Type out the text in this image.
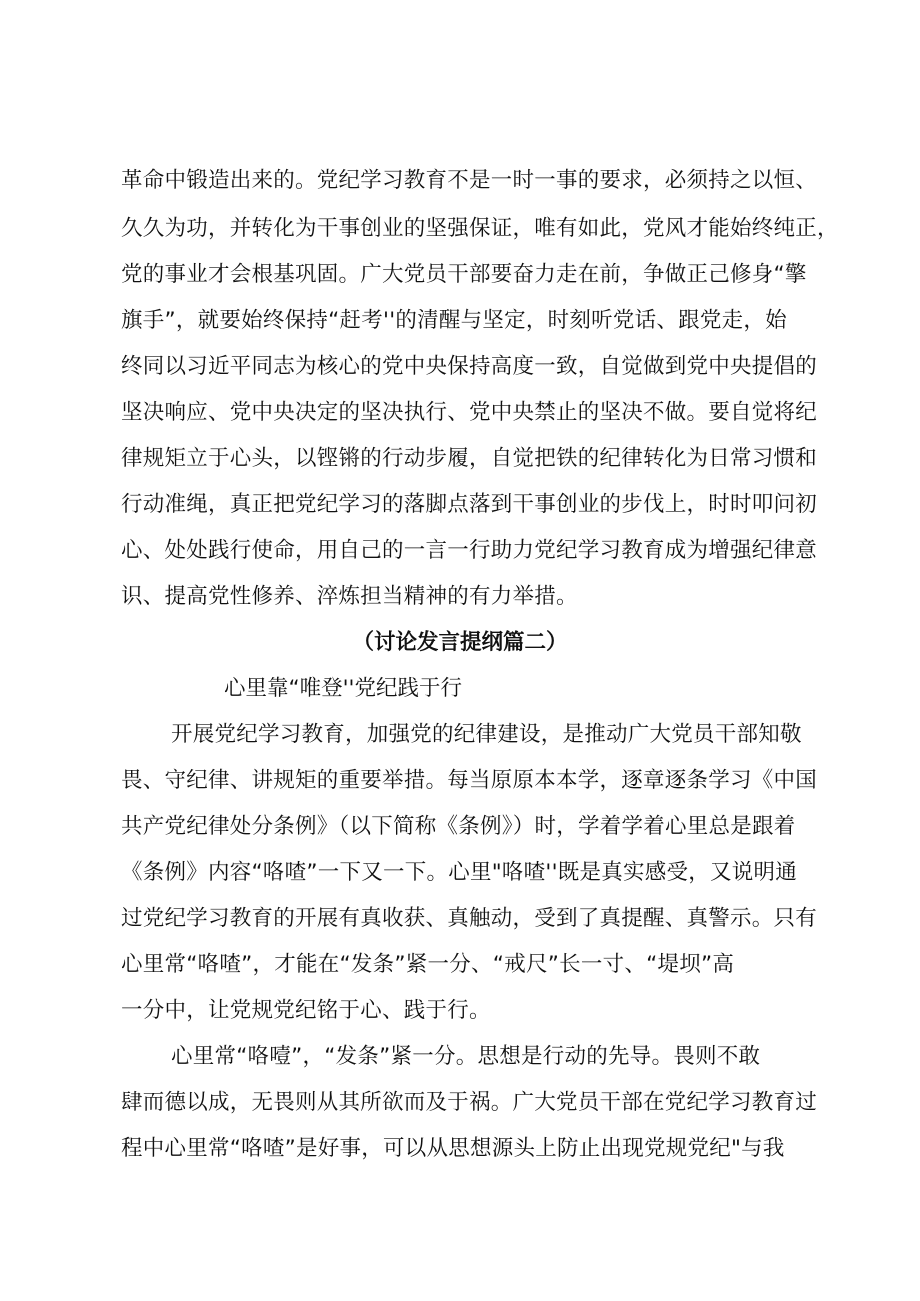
革命中锻造出来的。党纪学习教育不是一时一事的要求，必须持之以恒、
久久为功，并转化为干事创业的坚强保证，唯有如此，党风才能始终纯正，
党的事业才会根基巩固。广大党员干部要奋力走在前，争做正己修身“擎
旗手”，就要始终保持“赶考''的清醒与坚定，时刻听党话、跟党走，始
终同以习近平同志为核心的党中央保持高度一致，自觉做到党中央提倡的
坚决响应、党中央决定的坚决执行、党中央禁止的坚决不做。要自觉将纪
律规矩立于心头，以铿锵的行动步履，自觉把铁的纪律转化为日常习惯和
行动准绳，真正把党纪学习的落脚点落到干事创业的步伐上，时时叩问初
心、处处践行使命，用自己的一言一行助力党纪学习教育成为增强纪律意
识、提高党性修养、淬炼担当精神的有力举措。
（讨论发言提纲篇二）
心里靠“唯登''党纪践于行
开展党纪学习教育，加强党的纪律建设，是推动广大党员干部知敬
畏、守纪律、讲规矩的重要举措。每当原原本本学，逐章逐条学习《中国
共产党纪律处分条例》（以下简称《条例》）时，学着学着心里总是跟着
《条例》内容“咯喳”一下又一下。心里"咯喳''既是真实感受，又说明通
过党纪学习教育的开展有真收获、真触动，受到了真提醒、真警示。只有
心里常“咯喳”，才能在“发条”紧一分、“戒尺”长一寸、“堤坝”高
一分中，让党规党纪铭于心、践于行。
心里常“咯噎”，“发条”紧一分。思想是行动的先导。畏则不敢
肆而德以成，无畏则从其所欲而及于祸。广大党员干部在党纪学习教育过
程中心里常“咯喳”是好事，可以从思想源头上防止出现党规党纪"与我
